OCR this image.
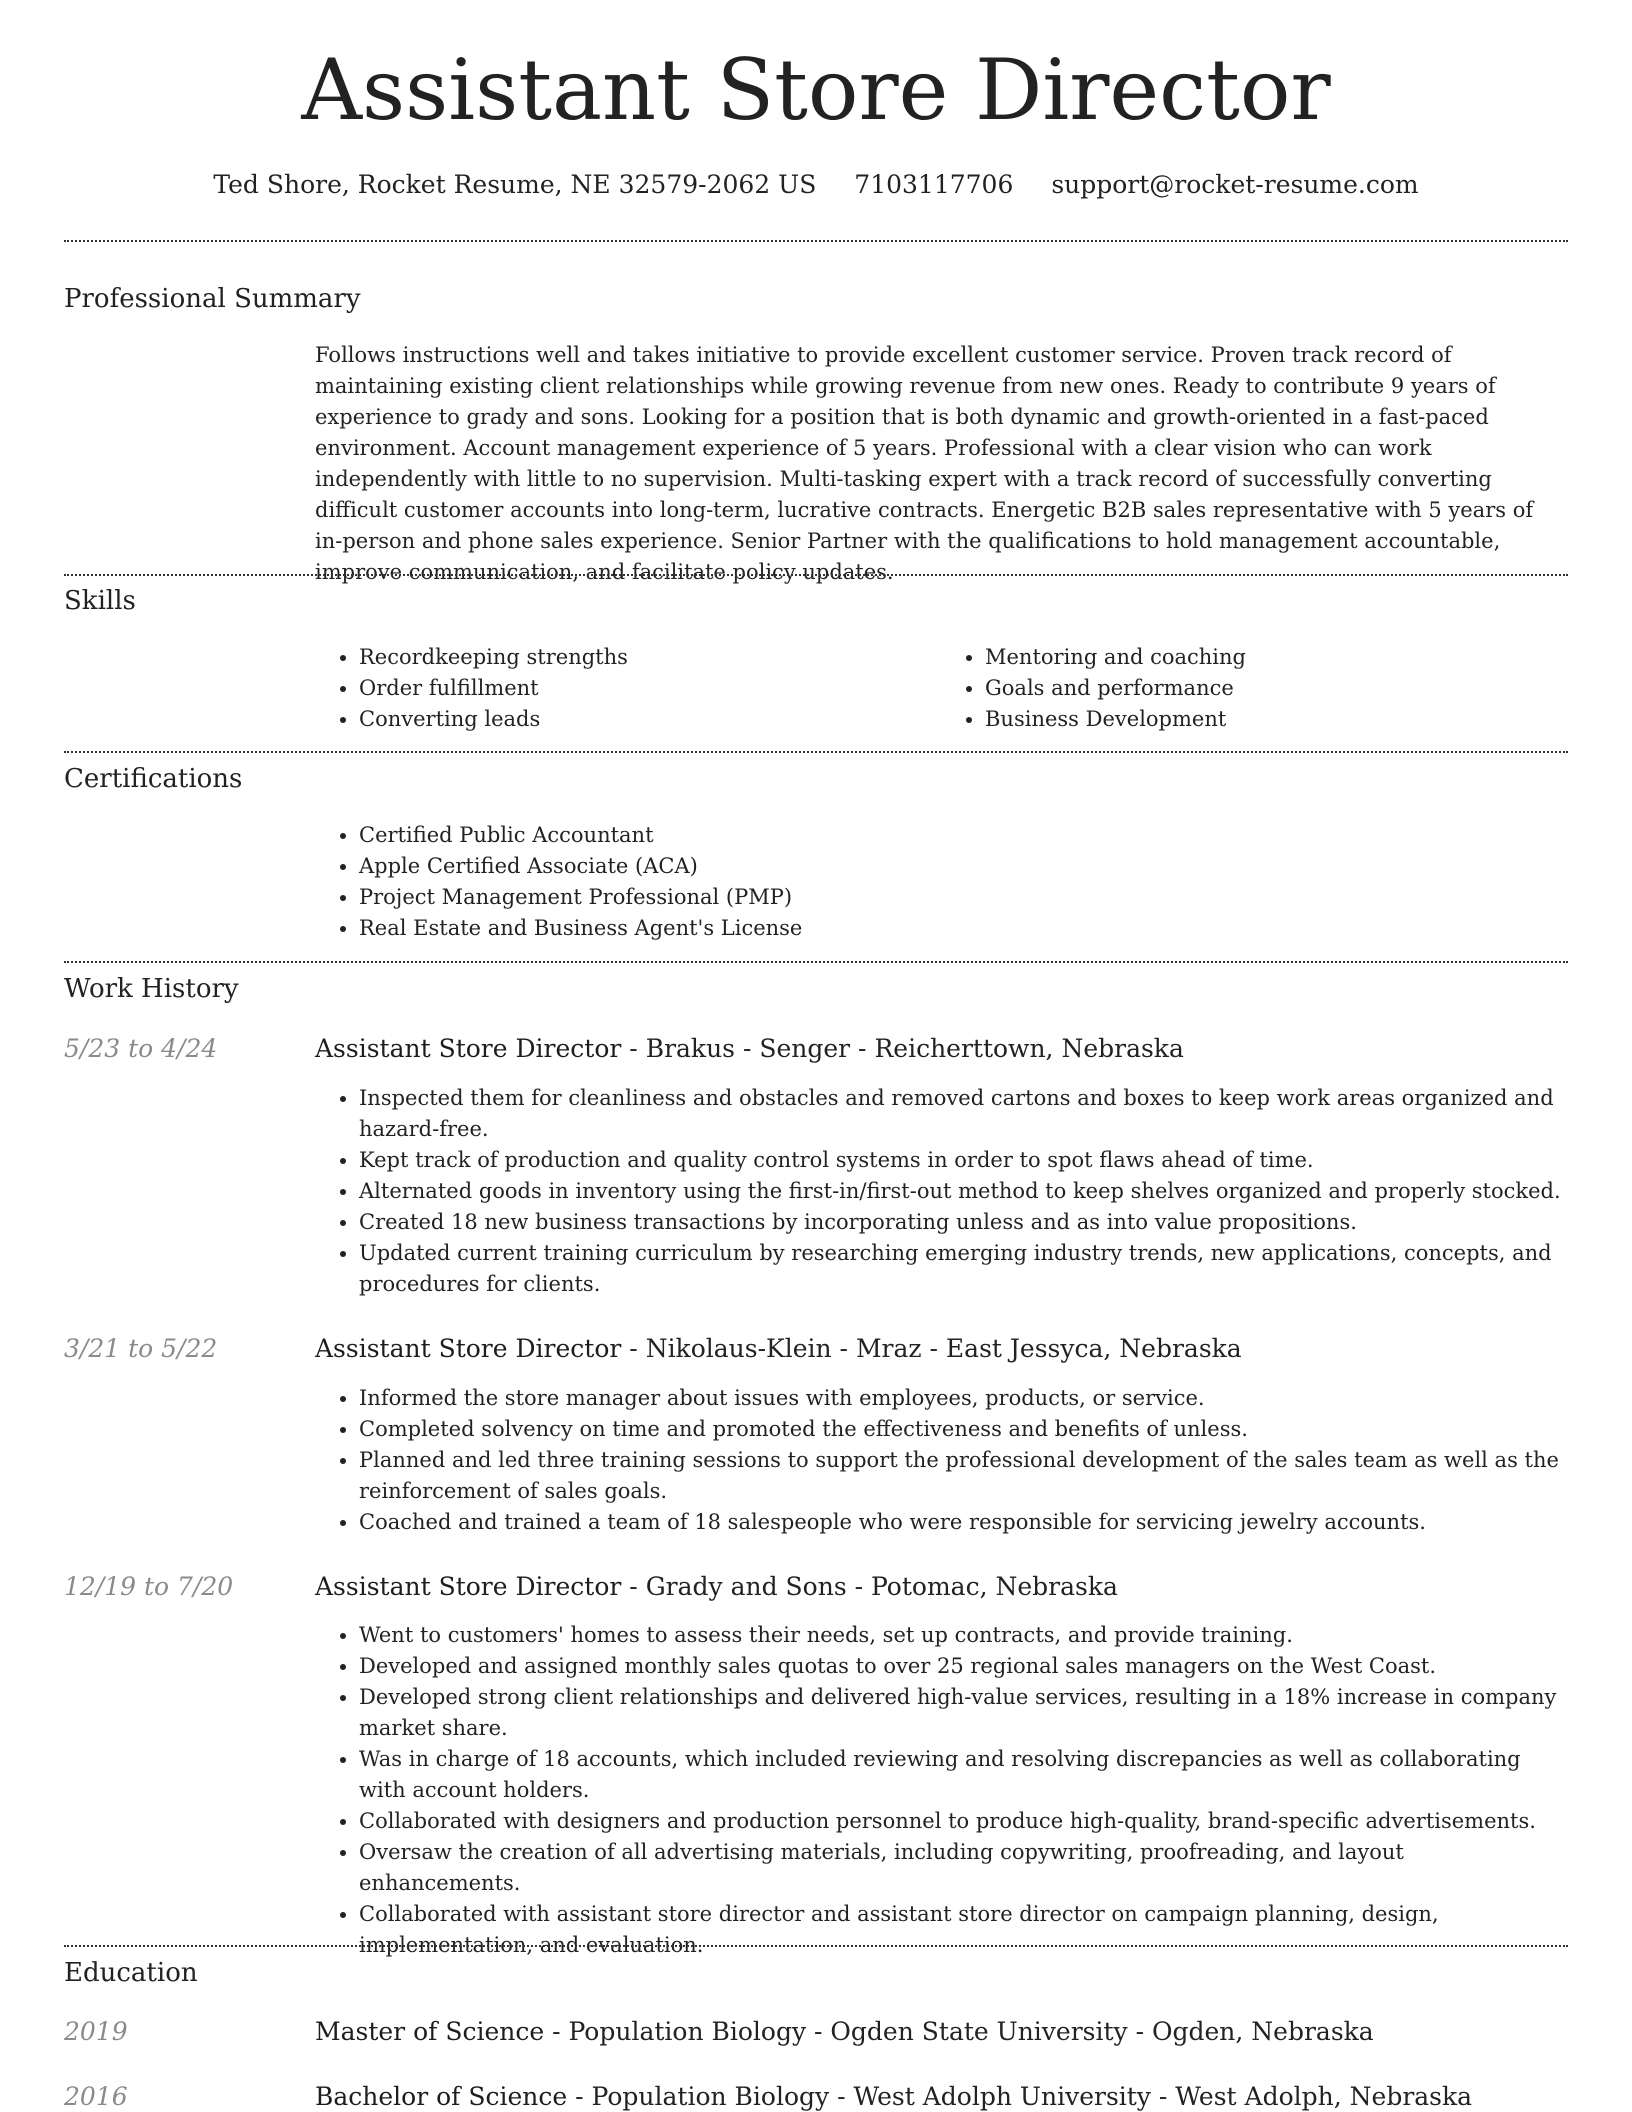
Assistant Store Director
Ted Shore, Rocket Resume, NE 32579-2062 US 7103117706 support@rocket-resume.com
Professional Summary

Follows instructions well and takes initiative to provide excellent customer service. Proven track record of maintaining existing client relationships while growing revenue from new ones. Ready to contribute 9 years of experience to grady and sons. Looking for a position that is both dynamic and growth-oriented in a fast-paced environment. Account management experience of 5 years. Professional with a clear vision who can work independently with little to no supervision. Multi-tasking expert with a track record of successfully converting difficult customer accounts into long-term, lucrative contracts. Energetic B2B sales representative with 5 years of in-person and phone sales experience. Senior Partner with the qualifications to hold management accountable, improve communication, and facilitate policy updates.

Skills
• Recordkeeping strengths
• Order fulfillment
• Converting leads
• Mentoring and coaching
• Goals and performance
• Business Development
Certifications
• Certified Public Accountant
• Apple Certified Associate (ACA)
• Project Management Professional (PMP)
• Real Estate and Business Agent's License
Work History
5/23 to 4/24	Assistant Store Director - Brakus - Senger - Reicherttown, Nebraska
• Inspected them for cleanliness and obstacles and removed cartons and boxes to keep work areas organized and hazard-free.
• Kept track of production and quality control systems in order to spot flaws ahead of time.
• Alternated goods in inventory using the first-in/first-out method to keep shelves organized and properly stocked.
• Created 18 new business transactions by incorporating unless and as into value propositions.
• Updated current training curriculum by researching emerging industry trends, new applications, concepts, and procedures for clients.
3/21 to 5/22	Assistant Store Director - Nikolaus-Klein - Mraz - East Jessyca, Nebraska
• Informed the store manager about issues with employees, products, or service.
• Completed solvency on time and promoted the effectiveness and benefits of unless.
• Planned and led three training sessions to support the professional development of the sales team as well as the reinforcement of sales goals.
• Coached and trained a team of 18 salespeople who were responsible for servicing jewelry accounts.
12/19 to 7/20	Assistant Store Director - Grady and Sons - Potomac, Nebraska
• Went to customers' homes to assess their needs, set up contracts, and provide training.
• Developed and assigned monthly sales quotas to over 25 regional sales managers on the West Coast.
• Developed strong client relationships and delivered high-value services, resulting in a 18% increase in company market share.
• Was in charge of 18 accounts, which included reviewing and resolving discrepancies as well as collaborating with account holders.
• Collaborated with designers and production personnel to produce high-quality, brand-specific advertisements.
• Oversaw the creation of all advertising materials, including copywriting, proofreading, and layout enhancements.
• Collaborated with assistant store director and assistant store director on campaign planning, design, implementation, and evaluation.
Education
2019	Master of Science - Population Biology - Ogden State University - Ogden, Nebraska
2016	Bachelor of Science - Population Biology - West Adolph University - West Adolph, Nebraska
